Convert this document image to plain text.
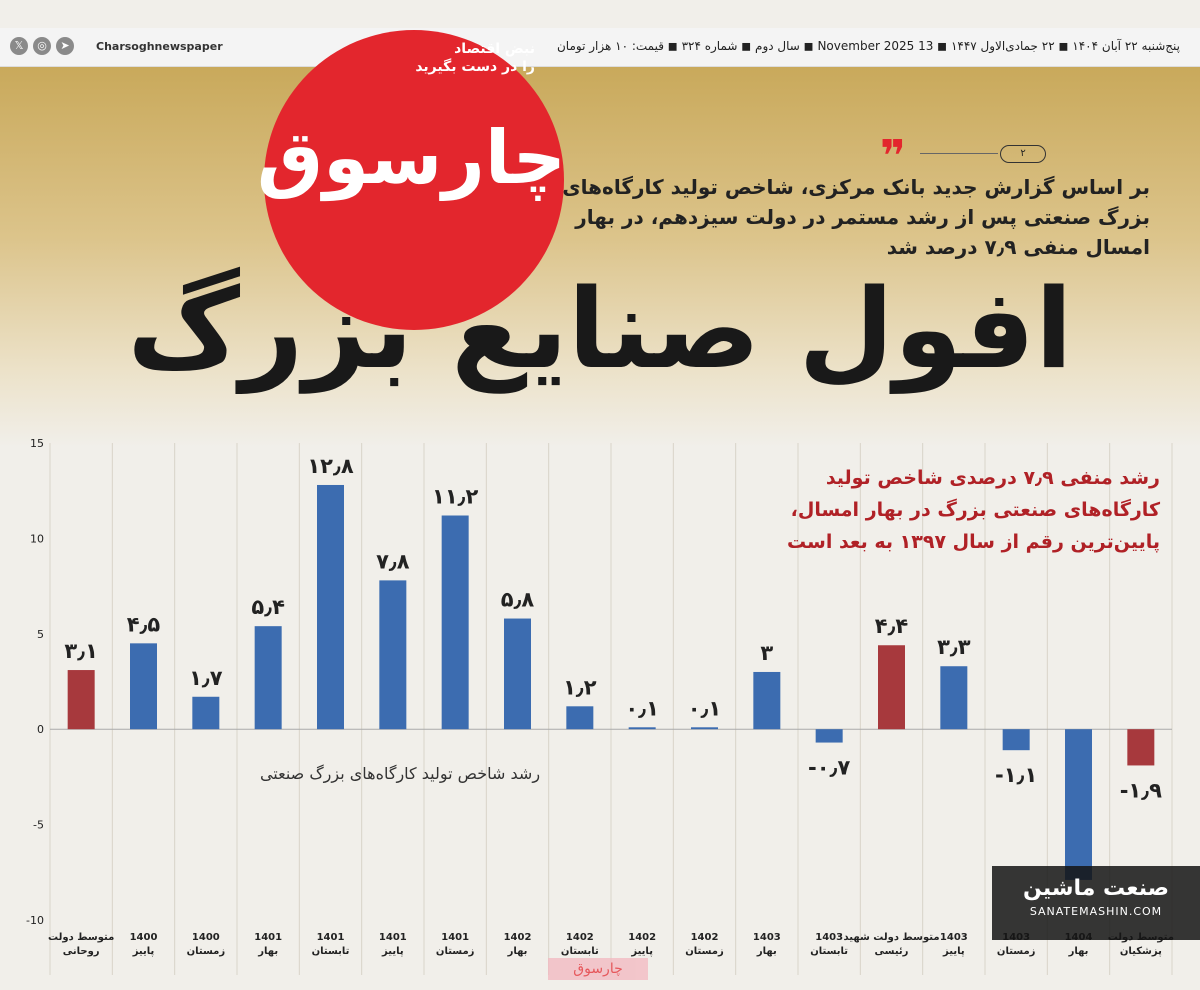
𝕏	◎	➤	Charsoghnewspaper	پنج‌شنبه ۲۲ آبان ۱۴۰۴ ◼ ۲۲ جمادی‌الاول ۱۴۴۷ ◼ 13 November 2025 ◼ سال دوم ◼ شماره ۳۲۴ ◼ قیمت: ۱۰ هزار تومان
چارسوق
نبض اقتصاد
را در دست بگیرید
❞	۲
بر اساس گزارش جدید بانک مرکزی، شاخص تولید کارگاه‌های بزرگ صنعتی پس از رشد مستمر در دولت سیزدهم، در بهار امسال منفی ۷٫۹ درصد شد
افول صنایع بزرگ
15
10
5
0
-5
-10
رشد شاخص تولید کارگاه‌های بزرگ صنعتی
۳٫۱
متوسط دولت روحانی
۴٫۵
1400 پاییز
۱٫۷
1400 زمستان
۵٫۴
1401 بهار
۱۲٫۸
1401 تابستان
۷٫۸
1401 پاییز
۱۱٫۲
1401 زمستان
۵٫۸
1402 بهار
۱٫۲
1402 تابستان
۰٫۱
1402 پاییز
۰٫۱
1402 زمستان
۳
1403 بهار
-۰٫۷
1403 تابستان
۴٫۴
متوسط دولت شهید رئیسی
۳٫۳
1403 پاییز
-۱٫۱
زمستان	بهار
-۱٫۹
پزشکیان
رشد منفی ۷٫۹ درصدی شاخص تولید کارگاه‌های صنعتی بزرگ در بهار امسال، پایین‌ترین رقم از سال ۱۳۹۷ به بعد است
چارسوق
صنعت ماشین
SANATEMASHIN.COM
